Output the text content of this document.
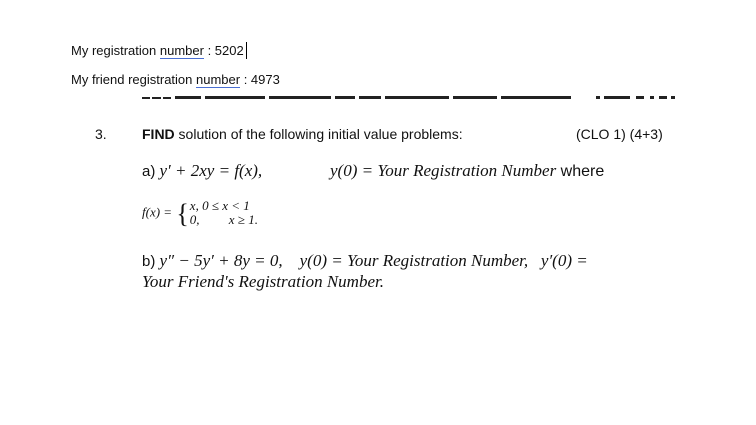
My registration number : 5202
My friend registration number : 4973
3.	FIND solution of the following initial value problems:	(CLO 1) (4+3)
a) y′ + 2xy = f(x),	y(0) = Your Registration Number where
f(x) = { x, 0 ≤ x < 1
0,         x ≥ 1.
b) y″ − 5y′ + 8y = 0,    y(0) = Your Registration Number,   y′(0) =
Your Friend's Registration Number.
